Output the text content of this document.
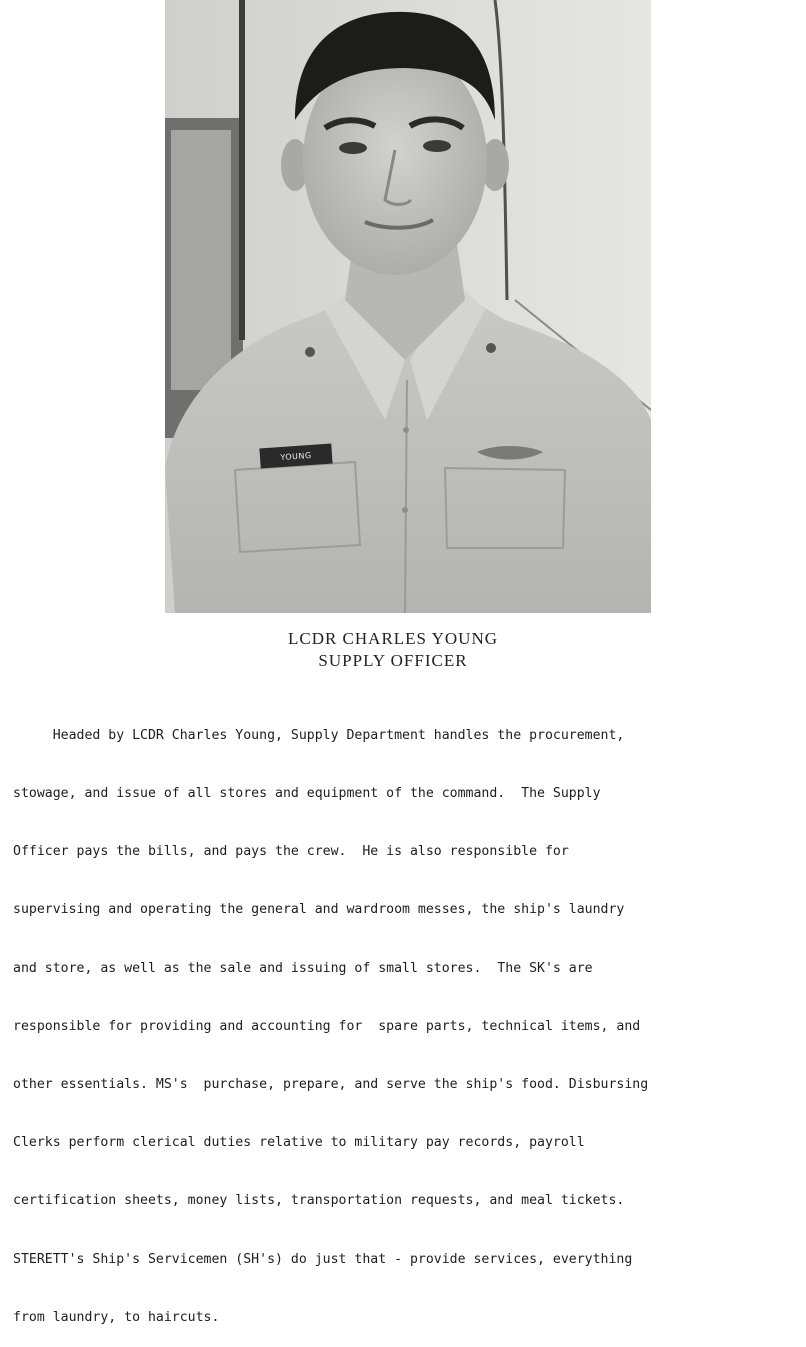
YOUNG
LCDR CHARLES YOUNG
SUPPLY OFFICER

Headed by LCDR Charles Young, Supply Department handles the procurement,

stowage, and issue of all stores and equipment of the command.  The Supply

Officer pays the bills, and pays the crew.  He is also responsible for

supervising and operating the general and wardroom messes, the ship's laundry

and store, as well as the sale and issuing of small stores.  The SK's are

responsible for providing and accounting for  spare parts, technical items, and

other essentials. MS's  purchase, prepare, and serve the ship's food. Disbursing

Clerks perform clerical duties relative to military pay records, payroll

certification sheets, money lists, transportation requests, and meal tickets.

STERETT's Ship's Servicemen (SH's) do just that - provide services, everything

from laundry, to haircuts.
